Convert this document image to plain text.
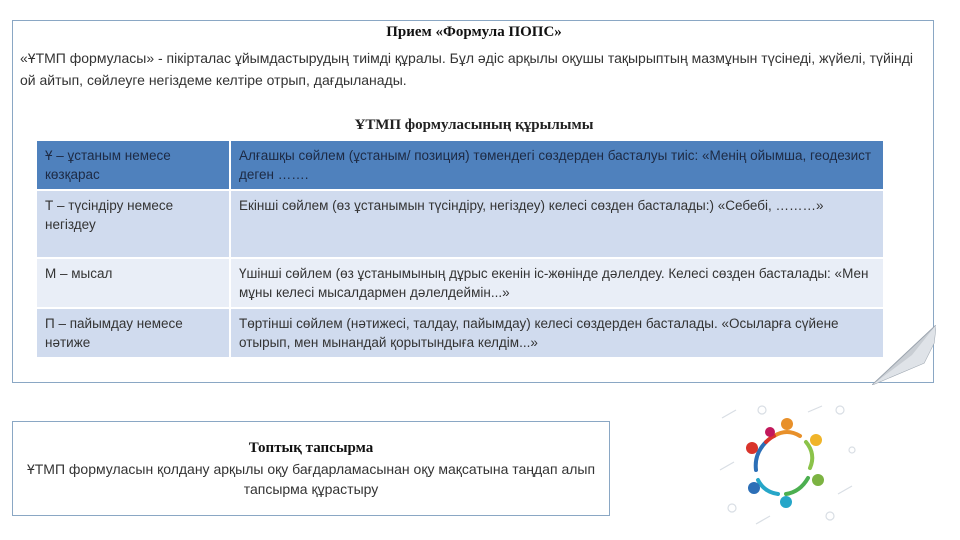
Прием «Формула ПОПС»

«ҰТМП формуласы» - пікірталас ұйымдастырудың тиімді құралы. Бұл әдіс арқылы оқушы тақырыптың мазмұнын түсінеді, жүйелі, түйінді ой айтып, сөйлеуге негіздеме келтіре отрып, дағдыланады.

ҰТМП формуласының құрылымы
Ұ – ұстаным немесе көзқарас	Алғашқы сөйлем (ұстаным/ позиция) төмендегі сөздерден басталуы тиіс: «Менің ойымша, геодезист деген …….
Т – түсіндіру немесе негіздеу	Екінші сөйлем (өз ұстанымын түсіндіру, негіздеу) келесі сөзден басталады:) «Себебі, ………»
М – мысал	Үшінші сөйлем (өз ұстанымының дұрыс екенін іс-жөнінде дәлелдеу. Келесі сөзден басталады: «Мен мұны келесі мысалдармен дәлелдеймін...»
П – пайымдау немесе нәтиже	Төртінші сөйлем (нәтижесі, талдау, пайымдау) келесі сөздерден басталады. «Осыларға сүйене отырып, мен мынандай қорытындыға келдім...»
Топтық тапсырма
ҰТМП формуласын қолдану арқылы оқу бағдарламасынан оқу мақсатына таңдап алып тапсырма құрастыру
